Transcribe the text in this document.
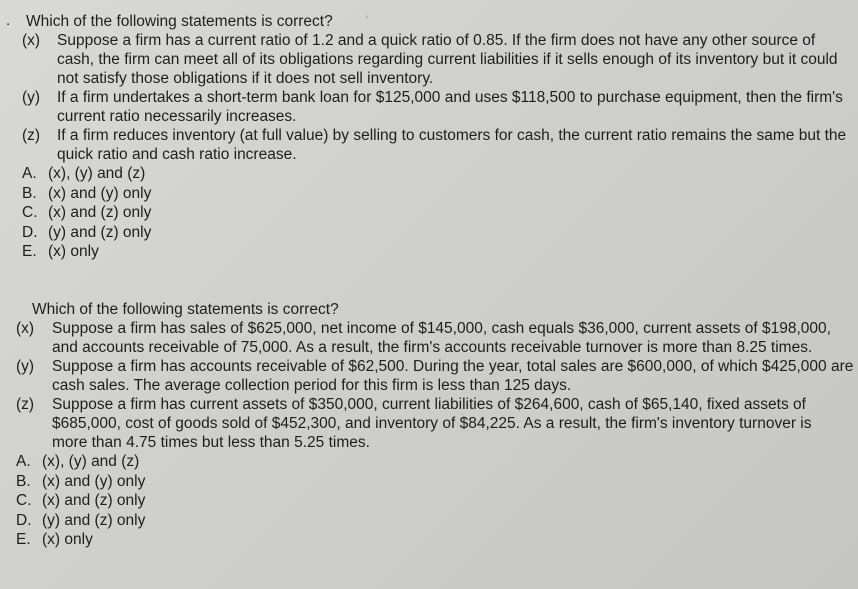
. Which of the following statements is correct?	′
(x) Suppose a firm has a current ratio of 1.2 and a quick ratio of 0.85. If the firm does not have any other source of cash, the firm can meet all of its obligations regarding current liabilities if it sells enough of its inventory but it could not satisfy those obligations if it does not sell inventory.
(y) If a firm undertakes a short-term bank loan for $125,000 and uses $118,500 to purchase equipment, then the firm's current ratio necessarily increases.
(z) If a firm reduces inventory (at full value) by selling to customers for cash, the current ratio remains the same but the quick ratio and cash ratio increase.
A. (x), (y) and (z)
B. (x) and (y) only
C. (x) and (z) only
D. (y) and (z) only
E. (x) only
Which of the following statements is correct?
(x) Suppose a firm has sales of $625,000, net income of $145,000, cash equals $36,000, current assets of $198,000, and accounts receivable of 75,000. As a result, the firm's accounts receivable turnover is more than 8.25 times.
(y) Suppose a firm has accounts receivable of $62,500. During the year, total sales are $600,000, of which $425,000 are cash sales. The average collection period for this firm is less than 125 days.
(z) Suppose a firm has current assets of $350,000, current liabilities of $264,600, cash of $65,140, fixed assets of $685,000, cost of goods sold of $452,300, and inventory of $84,225. As a result, the firm's inventory turnover is more than 4.75 times but less than 5.25 times.
A. (x), (y) and (z)
B. (x) and (y) only
C. (x) and (z) only
D. (y) and (z) only
E. (x) only
